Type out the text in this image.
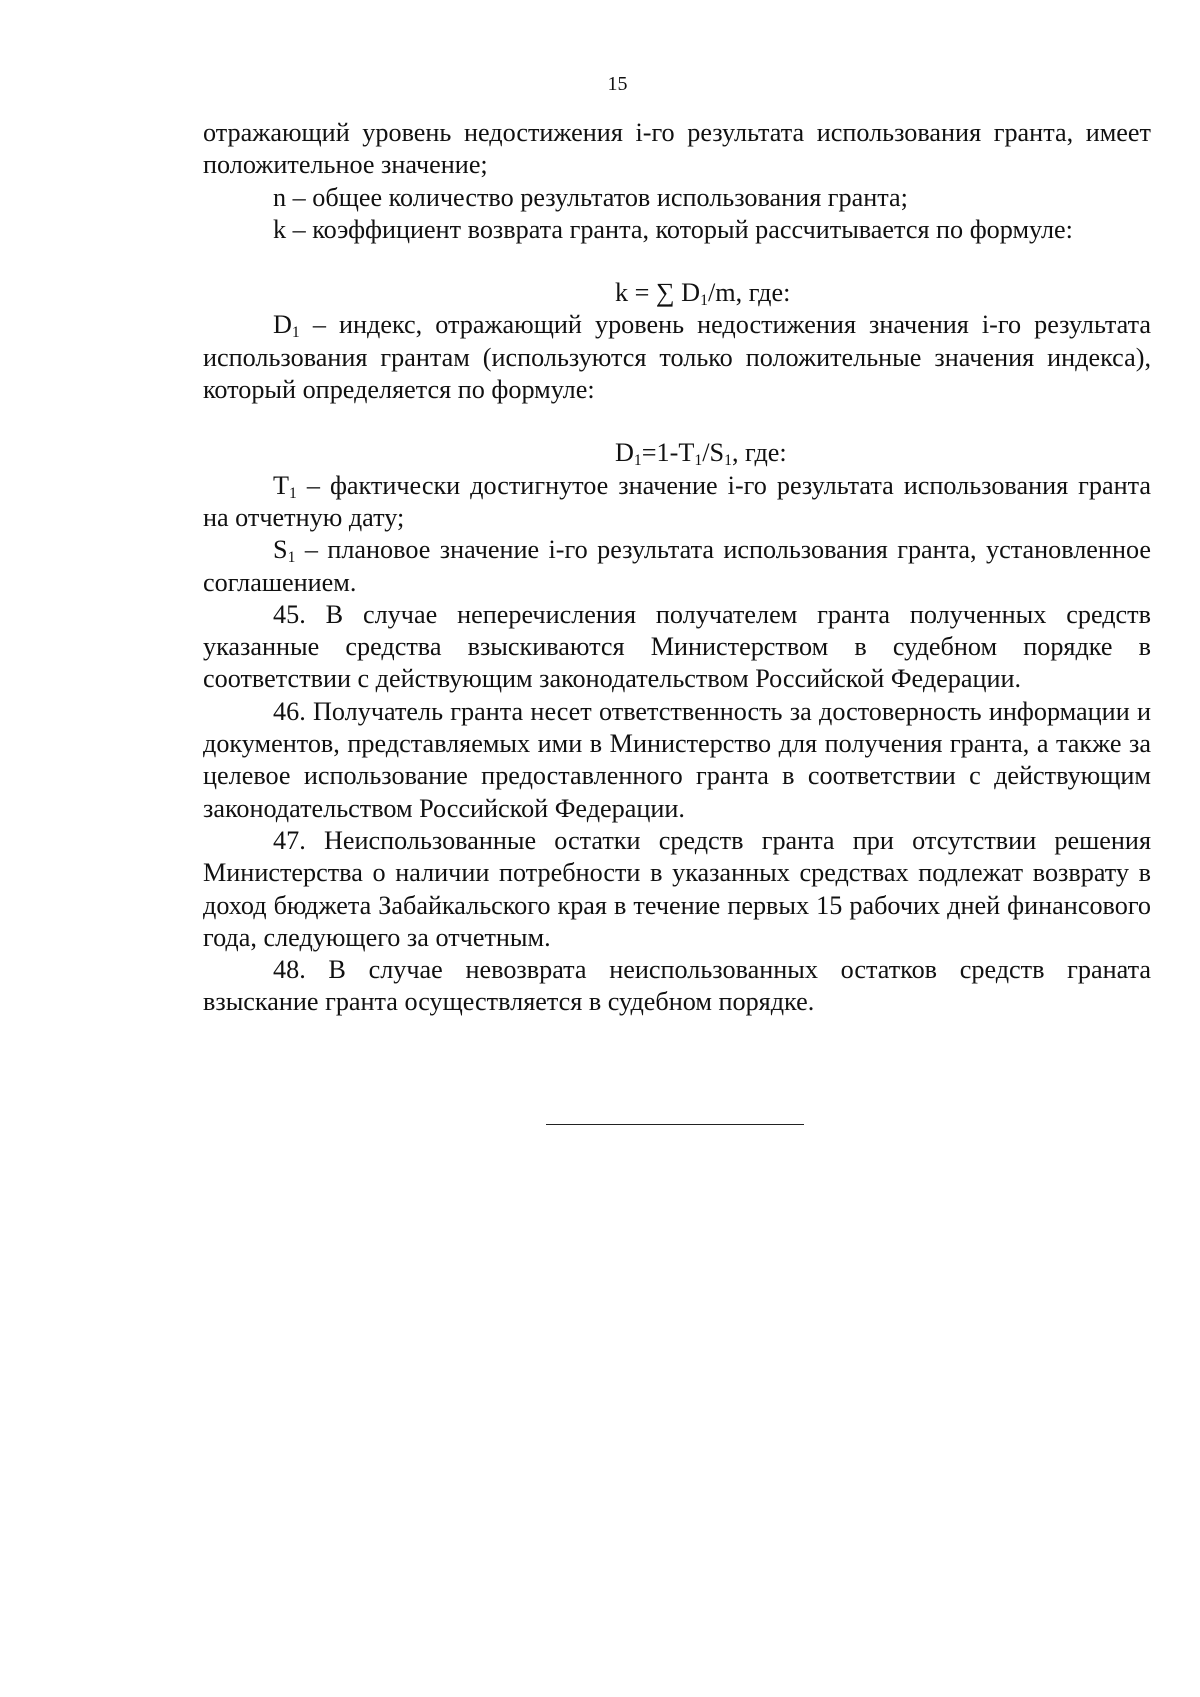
15

отражающий уровень недостижения i-го результата использования гранта, имеет положительное значение;

n – общее количество результатов использования гранта;

k – коэффициент возврата гранта, который рассчитывается по формуле:

k = ∑ $D_1/m$, где:

$D_1$ – индекс, отражающий уровень недостижения значения i-го результата использования грантам (используются только положительные значения индекса), который определяется по формуле:

$D_1=1-T_1/S_1$, где:

$T_1$ – фактически достигнутое значение i-го результата использования гранта на отчетную дату;

$S_1$ – плановое значение i-го результата использования гранта, установленное соглашением.

45. В случае неперечисления получателем гранта полученных средств указанные средства взыскиваются Министерством в судебном порядке в соответствии с действующим законодательством Российской Федерации.

46. Получатель гранта несет ответственность за достоверность информации и документов, представляемых ими в Министерство для получения гранта, а также за целевое использование предоставленного гранта в соответствии с действующим законодательством Российской Федерации.

47. Неиспользованные остатки средств гранта при отсутствии решения Министерства о наличии потребности в указанных средствах подлежат возврату в доход бюджета Забайкальского края в течение первых 15 рабочих дней финансового года, следующего за отчетным.

48. В случае невозврата неиспользованных остатков средств граната взыскание гранта осуществляется в судебном порядке.
